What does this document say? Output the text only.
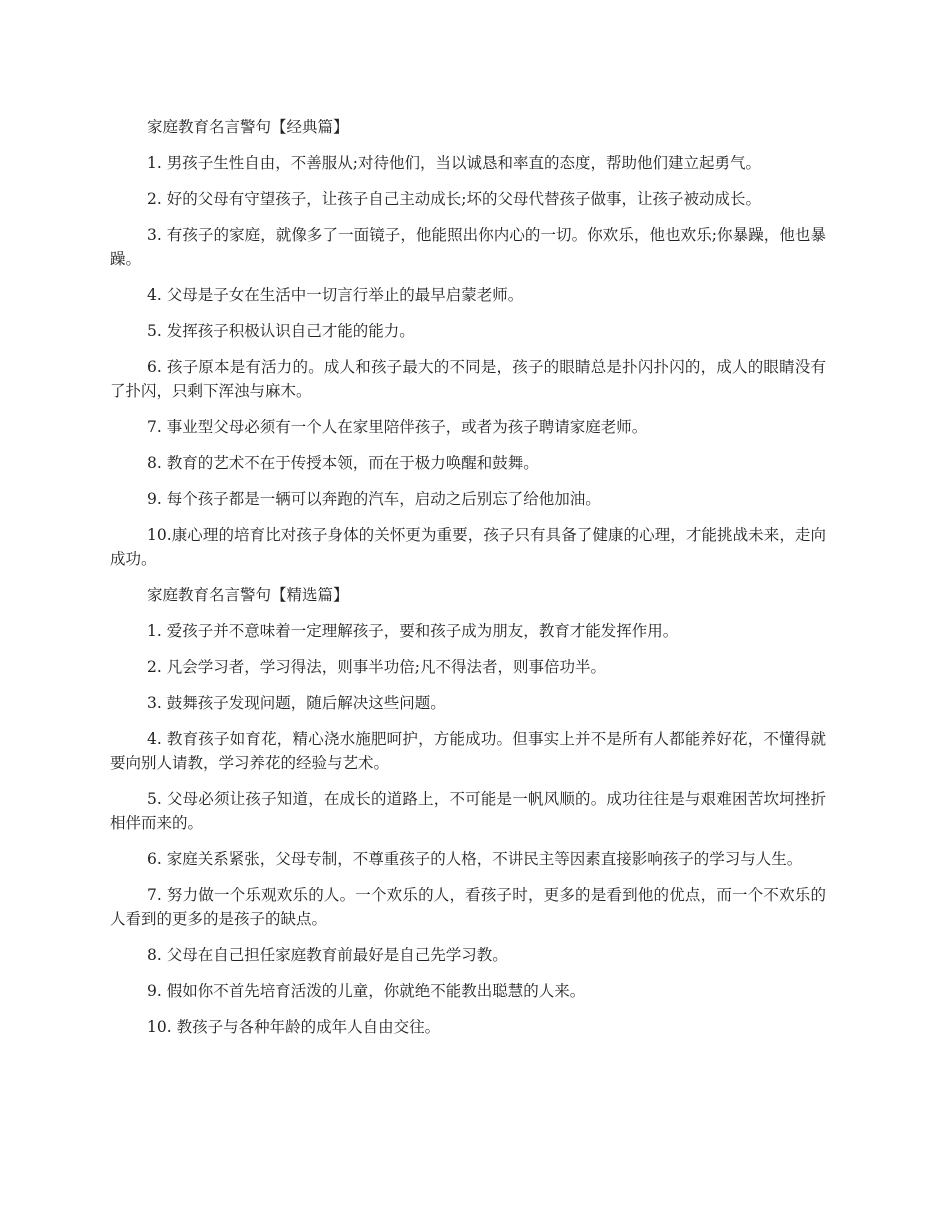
家庭教育名言警句【经典篇】

1. 男孩子生性自由，不善服从;对待他们，当以诚恳和率直的态度，帮助他们建立起勇气。

2. 好的父母有守望孩子，让孩子自己主动成长;坏的父母代替孩子做事，让孩子被动成长。

3. 有孩子的家庭，就像多了一面镜子，他能照出你内心的一切。你欢乐，他也欢乐;你暴躁，他也暴躁。

4. 父母是子女在生活中一切言行举止的最早启蒙老师。

5. 发挥孩子积极认识自己才能的能力。

6. 孩子原本是有活力的。成人和孩子最大的不同是，孩子的眼睛总是扑闪扑闪的，成人的眼睛没有了扑闪，只剩下浑浊与麻木。

7. 事业型父母必须有一个人在家里陪伴孩子，或者为孩子聘请家庭老师。

8. 教育的艺术不在于传授本领，而在于极力唤醒和鼓舞。

9. 每个孩子都是一辆可以奔跑的汽车，启动之后别忘了给他加油。

10.康心理的培育比对孩子身体的关怀更为重要，孩子只有具备了健康的心理，才能挑战未来，走向成功。

家庭教育名言警句【精选篇】

1. 爱孩子并不意味着一定理解孩子，要和孩子成为朋友，教育才能发挥作用。

2. 凡会学习者，学习得法，则事半功倍;凡不得法者，则事倍功半。

3. 鼓舞孩子发现问题，随后解决这些问题。

4. 教育孩子如育花，精心浇水施肥呵护，方能成功。但事实上并不是所有人都能养好花，不懂得就要向别人请教，学习养花的经验与艺术。

5. 父母必须让孩子知道，在成长的道路上，不可能是一帆风顺的。成功往往是与艰难困苦坎坷挫折相伴而来的。

6. 家庭关系紧张，父母专制，不尊重孩子的人格，不讲民主等因素直接影响孩子的学习与人生。

7. 努力做一个乐观欢乐的人。一个欢乐的人，看孩子时，更多的是看到他的优点，而一个不欢乐的人看到的更多的是孩子的缺点。

8. 父母在自己担任家庭教育前最好是自己先学习教。

9. 假如你不首先培育活泼的儿童，你就绝不能教出聪慧的人来。

10. 教孩子与各种年龄的成年人自由交往。
